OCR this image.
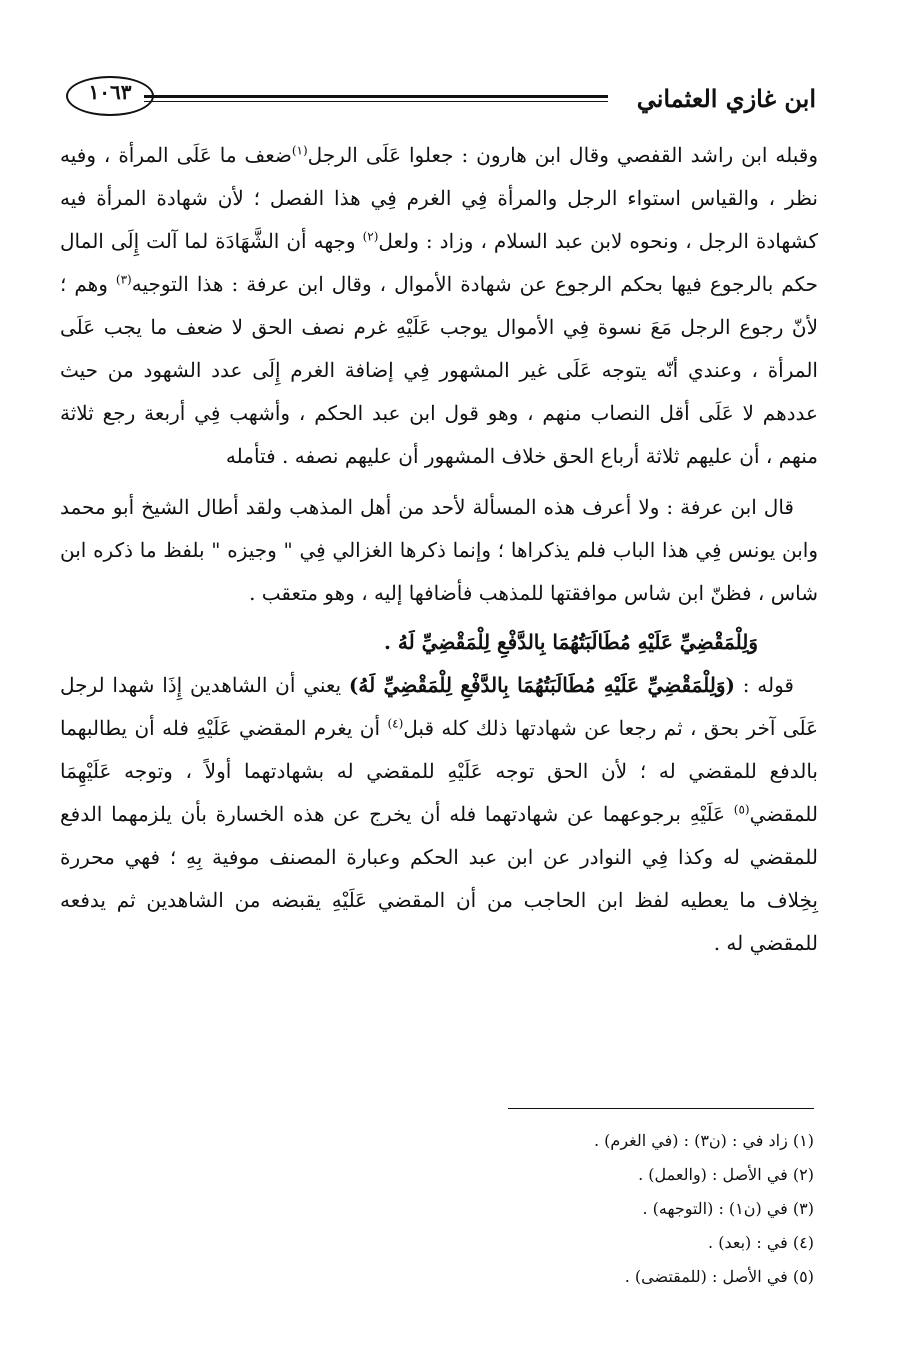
ابن غازي العثماني
١٠٦٣

وقبله ابن راشد القفصي وقال ابن هارون : جعلوا عَلَى الرجل$^{(١)}$ضعف ما عَلَى المرأة ، وفيه نظر ، والقياس استواء الرجل والمرأة فِي الغرم فِي هذا الفصل ؛ لأن شهادة المرأة فيه كشهادة الرجل ، ونحوه لابن عبد السلام ، وزاد : ولعل$^{(٢)}$ وجهه أن الشَّهَادَة لما آلت إِلَى المال حكم بالرجوع فيها بحكم الرجوع عن شهادة الأموال ، وقال ابن عرفة : هذا التوجيه$^{(٣)}$ وهم ؛ لأنّ رجوع الرجل مَعَ نسوة فِي الأموال يوجب عَلَيْهِ غرم نصف الحق لا ضعف ما يجب عَلَى المرأة ، وعندي أنّه يتوجه عَلَى غير المشهور فِي إضافة الغرم إِلَى عدد الشهود من حيث عددهم لا عَلَى أقل النصاب منهم ، وهو قول ابن عبد الحكم ، وأشهب فِي أربعة رجع ثلاثة منهم ، أن عليهم ثلاثة أرباع الحق خلاف المشهور أن عليهم نصفه . فتأمله

قال ابن عرفة : ولا أعرف هذه المسألة لأحد من أهل المذهب ولقد أطال الشيخ أبو محمد وابن يونس فِي هذا الباب فلم يذكراها ؛ وإنما ذكرها الغزالي فِي " وجيزه " بلفظ ما ذكره ابن شاس ، فظنّ ابن شاس موافقتها للمذهب فأضافها إليه ، وهو متعقب .

وَلِلْمَقْضِيِّ عَلَيْهِ مُطَالَبَتُهُمَا بِالدَّفْعِ لِلْمَقْضِيِّ لَهُ .

قوله : (وَلِلْمَقْضِيِّ عَلَيْهِ مُطَالَبَتُهُمَا بِالدَّفْعِ لِلْمَقْضِيِّ لَهُ) يعني أن الشاهدين إِذَا شهدا لرجل عَلَى آخر بحق ، ثم رجعا عن شهادتها ذلك كله قبل$^{(٤)}$ أن يغرم المقضي عَلَيْهِ فله أن يطالبهما بالدفع للمقضي له ؛ لأن الحق توجه عَلَيْهِ للمقضي له بشهادتهما أولاً ، وتوجه عَلَيْهِمَا للمقضي$^{(٥)}$ عَلَيْهِ برجوعهما عن شهادتهما فله أن يخرج عن هذه الخسارة بأن يلزمهما الدفع للمقضي له وكذا فِي النوادر عن ابن عبد الحكم وعبارة المصنف موفية بِهِ ؛ فهي محررة بِخِلاف ما يعطيه لفظ ابن الحاجب من أن المقضي عَلَيْهِ يقبضه من الشاهدين ثم يدفعه للمقضي له .

(١) زاد في : (ن٣) : (في الغرم) .
(٢) في الأصل : (والعمل) .
(٣) في (ن١) : (التوجهه) .
(٤) في : (بعد) .
(٥) في الأصل : (للمقتضى) .
